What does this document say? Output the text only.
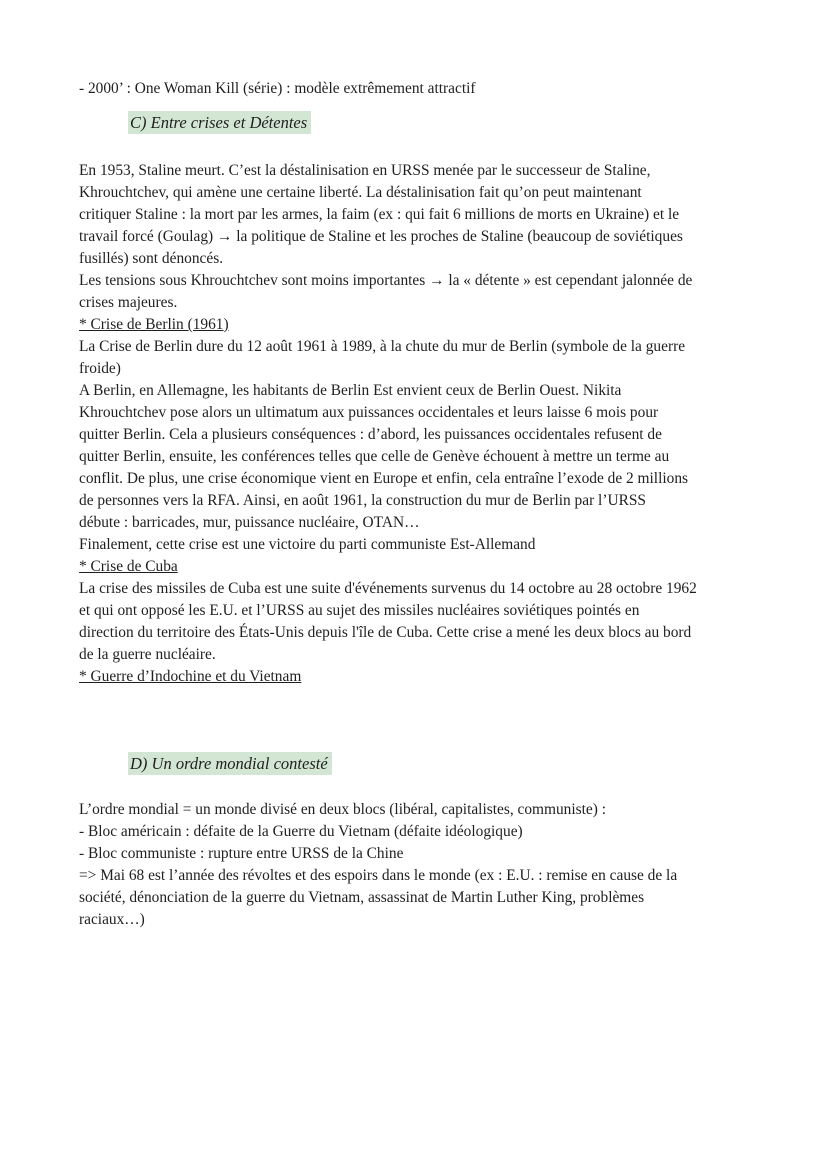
- 2000’ : One Woman Kill (série) : modèle extrêmement attractif

C) Entre crises et Détentes

En 1953, Staline meurt. C’est la déstalinisation en URSS menée par le successeur de Staline,
Khrouchtchev, qui amène une certaine liberté. La déstalinisation fait qu’on peut maintenant
critiquer Staline : la mort par les armes, la faim (ex : qui fait 6 millions de morts en Ukraine) et le
travail forcé (Goulag) → la politique de Staline et les proches de Staline (beaucoup de soviétiques
fusillés) sont dénoncés.

Les tensions sous Khrouchtchev sont moins importantes → la « détente » est cependant jalonnée de
crises majeures.

* Crise de Berlin (1961)

La Crise de Berlin dure du 12 août 1961 à 1989, à la chute du mur de Berlin (symbole de la guerre
froide)
A Berlin, en Allemagne, les habitants de Berlin Est envient ceux de Berlin Ouest. Nikita
Khrouchtchev pose alors un ultimatum aux puissances occidentales et leurs laisse 6 mois pour
quitter Berlin. Cela a plusieurs conséquences : d’abord, les puissances occidentales refusent de
quitter Berlin, ensuite, les conférences telles que celle de Genève échouent à mettre un terme au
conflit. De plus, une crise économique vient en Europe et enfin, cela entraîne l’exode de 2 millions
de personnes vers la RFA. Ainsi, en août 1961, la construction du mur de Berlin par l’URSS
débute : barricades, mur, puissance nucléaire, OTAN…
Finalement, cette crise est une victoire du parti communiste Est-Allemand

* Crise de Cuba

La crise des missiles de Cuba est une suite d'événements survenus du 14 octobre au 28 octobre 1962
et qui ont opposé les E.U. et l’URSS au sujet des missiles nucléaires soviétiques pointés en
direction du territoire des États-Unis depuis l'île de Cuba. Cette crise a mené les deux blocs au bord
de la guerre nucléaire.

* Guerre d’Indochine et du Vietnam
D) Un ordre mondial contesté

L’ordre mondial = un monde divisé en deux blocs (libéral, capitalistes, communiste) :
- Bloc américain : défaite de la Guerre du Vietnam (défaite idéologique)
- Bloc communiste : rupture entre URSS de la Chine
=> Mai 68 est l’année des révoltes et des espoirs dans le monde (ex : E.U. : remise en cause de la
société, dénonciation de la guerre du Vietnam, assassinat de Martin Luther King, problèmes
raciaux…)
